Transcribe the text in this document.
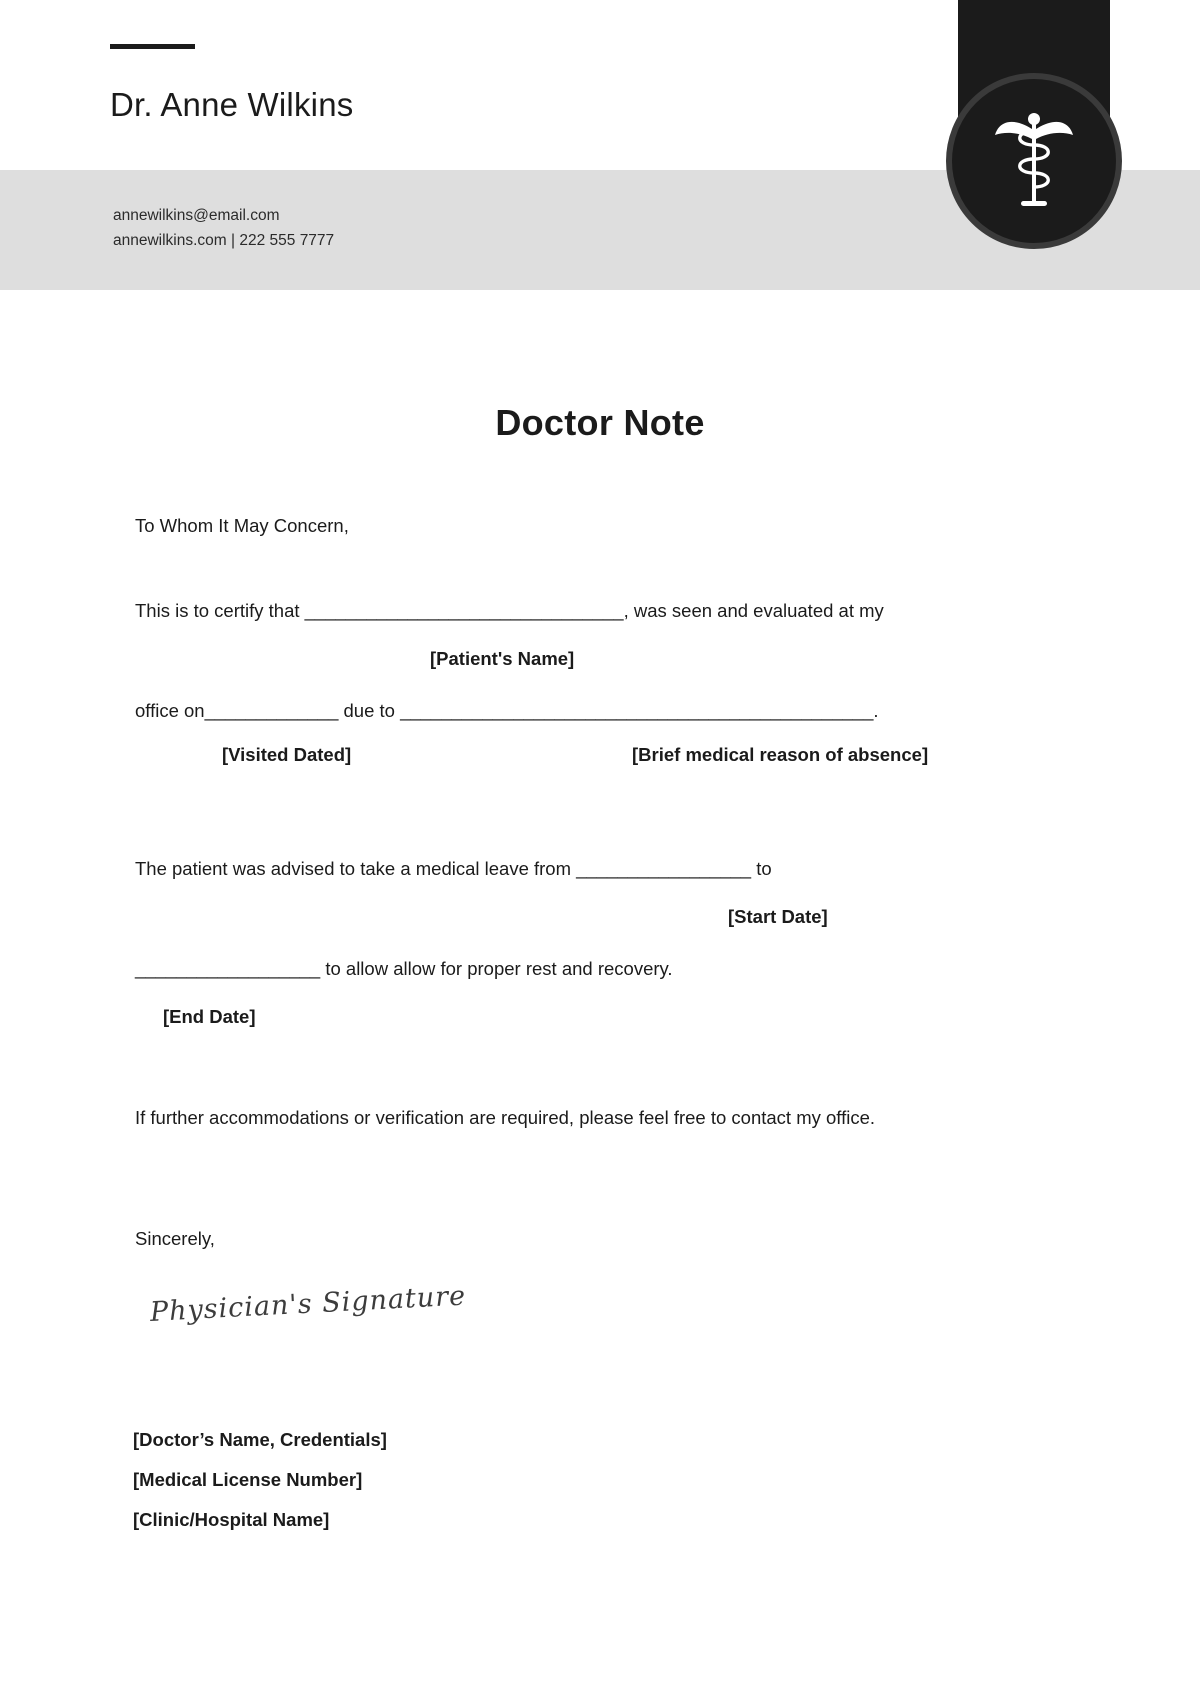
Dr. Anne Wilkins
annewilkins@email.com
annewilkins.com | 222 555 7777
Doctor Note
To Whom It May Concern,
This is to certify that _______________________________, was seen and evaluated at my
[Patient's Name]
office on_____________ due to ______________________________________________.
[Visited Dated]	[Brief medical reason of absence]
The patient was advised to take a medical leave from _________________ to
[Start Date]
__________________ to allow allow for proper rest and recovery.
[End Date]
If further accommodations or verification are required, please feel free to contact my office.
Sincerely,
Physician's Signature
[Doctor’s Name, Credentials]
[Medical License Number]
[Clinic/Hospital Name]
